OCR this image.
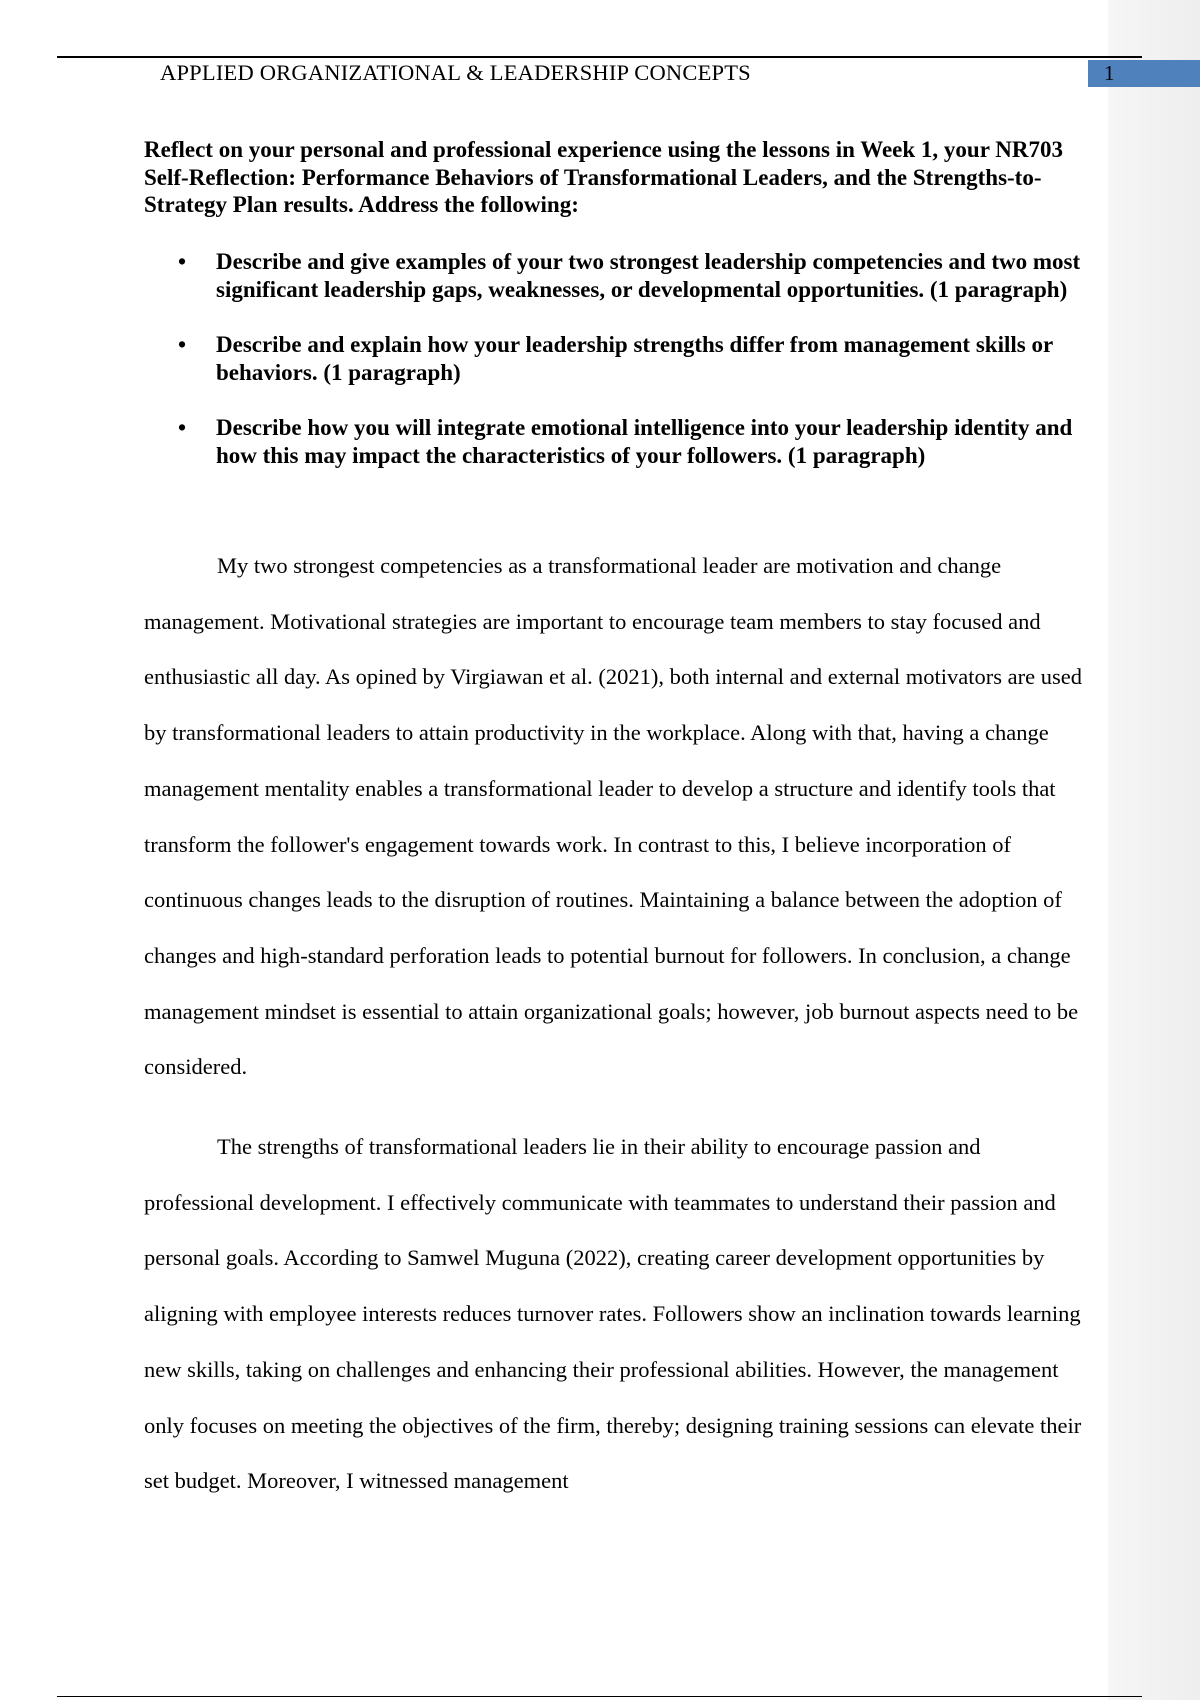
APPLIED ORGANIZATIONAL & LEADERSHIP CONCEPTS	1
Reflect on your personal and professional experience using the lessons in Week 1, your NR703 Self-Reflection: Performance Behaviors of Transformational Leaders, and the Strengths-to- Strategy Plan results. Address the following:
• Describe and give examples of your two strongest leadership competencies and two most significant leadership gaps, weaknesses, or developmental opportunities. (1 paragraph)
• Describe and explain how your leadership strengths differ from management skills or behaviors. (1 paragraph)
• Describe how you will integrate emotional intelligence into your leadership identity and how this may impact the characteristics of your followers. (1 paragraph)

My two strongest competencies as a transformational leader are motivation and change management. Motivational strategies are important to encourage team members to stay focused and enthusiastic all day. As opined by Virgiawan et al. (2021), both internal and external motivators are used by transformational leaders to attain productivity in the workplace. Along with that, having a change management mentality enables a transformational leader to develop a structure and identify tools that transform the follower's engagement towards work. In contrast to this, I believe incorporation of continuous changes leads to the disruption of routines. Maintaining a balance between the adoption of changes and high-standard perforation leads to potential burnout for followers. In conclusion, a change management mindset is essential to attain organizational goals; however, job burnout aspects need to be considered.

The strengths of transformational leaders lie in their ability to encourage passion and professional development. I effectively communicate with teammates to understand their passion and personal goals. According to Samwel Muguna (2022), creating career development opportunities by aligning with employee interests reduces turnover rates. Followers show an inclination towards learning new skills, taking on challenges and enhancing their professional abilities. However, the management only focuses on meeting the objectives of the firm, thereby; designing training sessions can elevate their set budget. Moreover, I witnessed management
